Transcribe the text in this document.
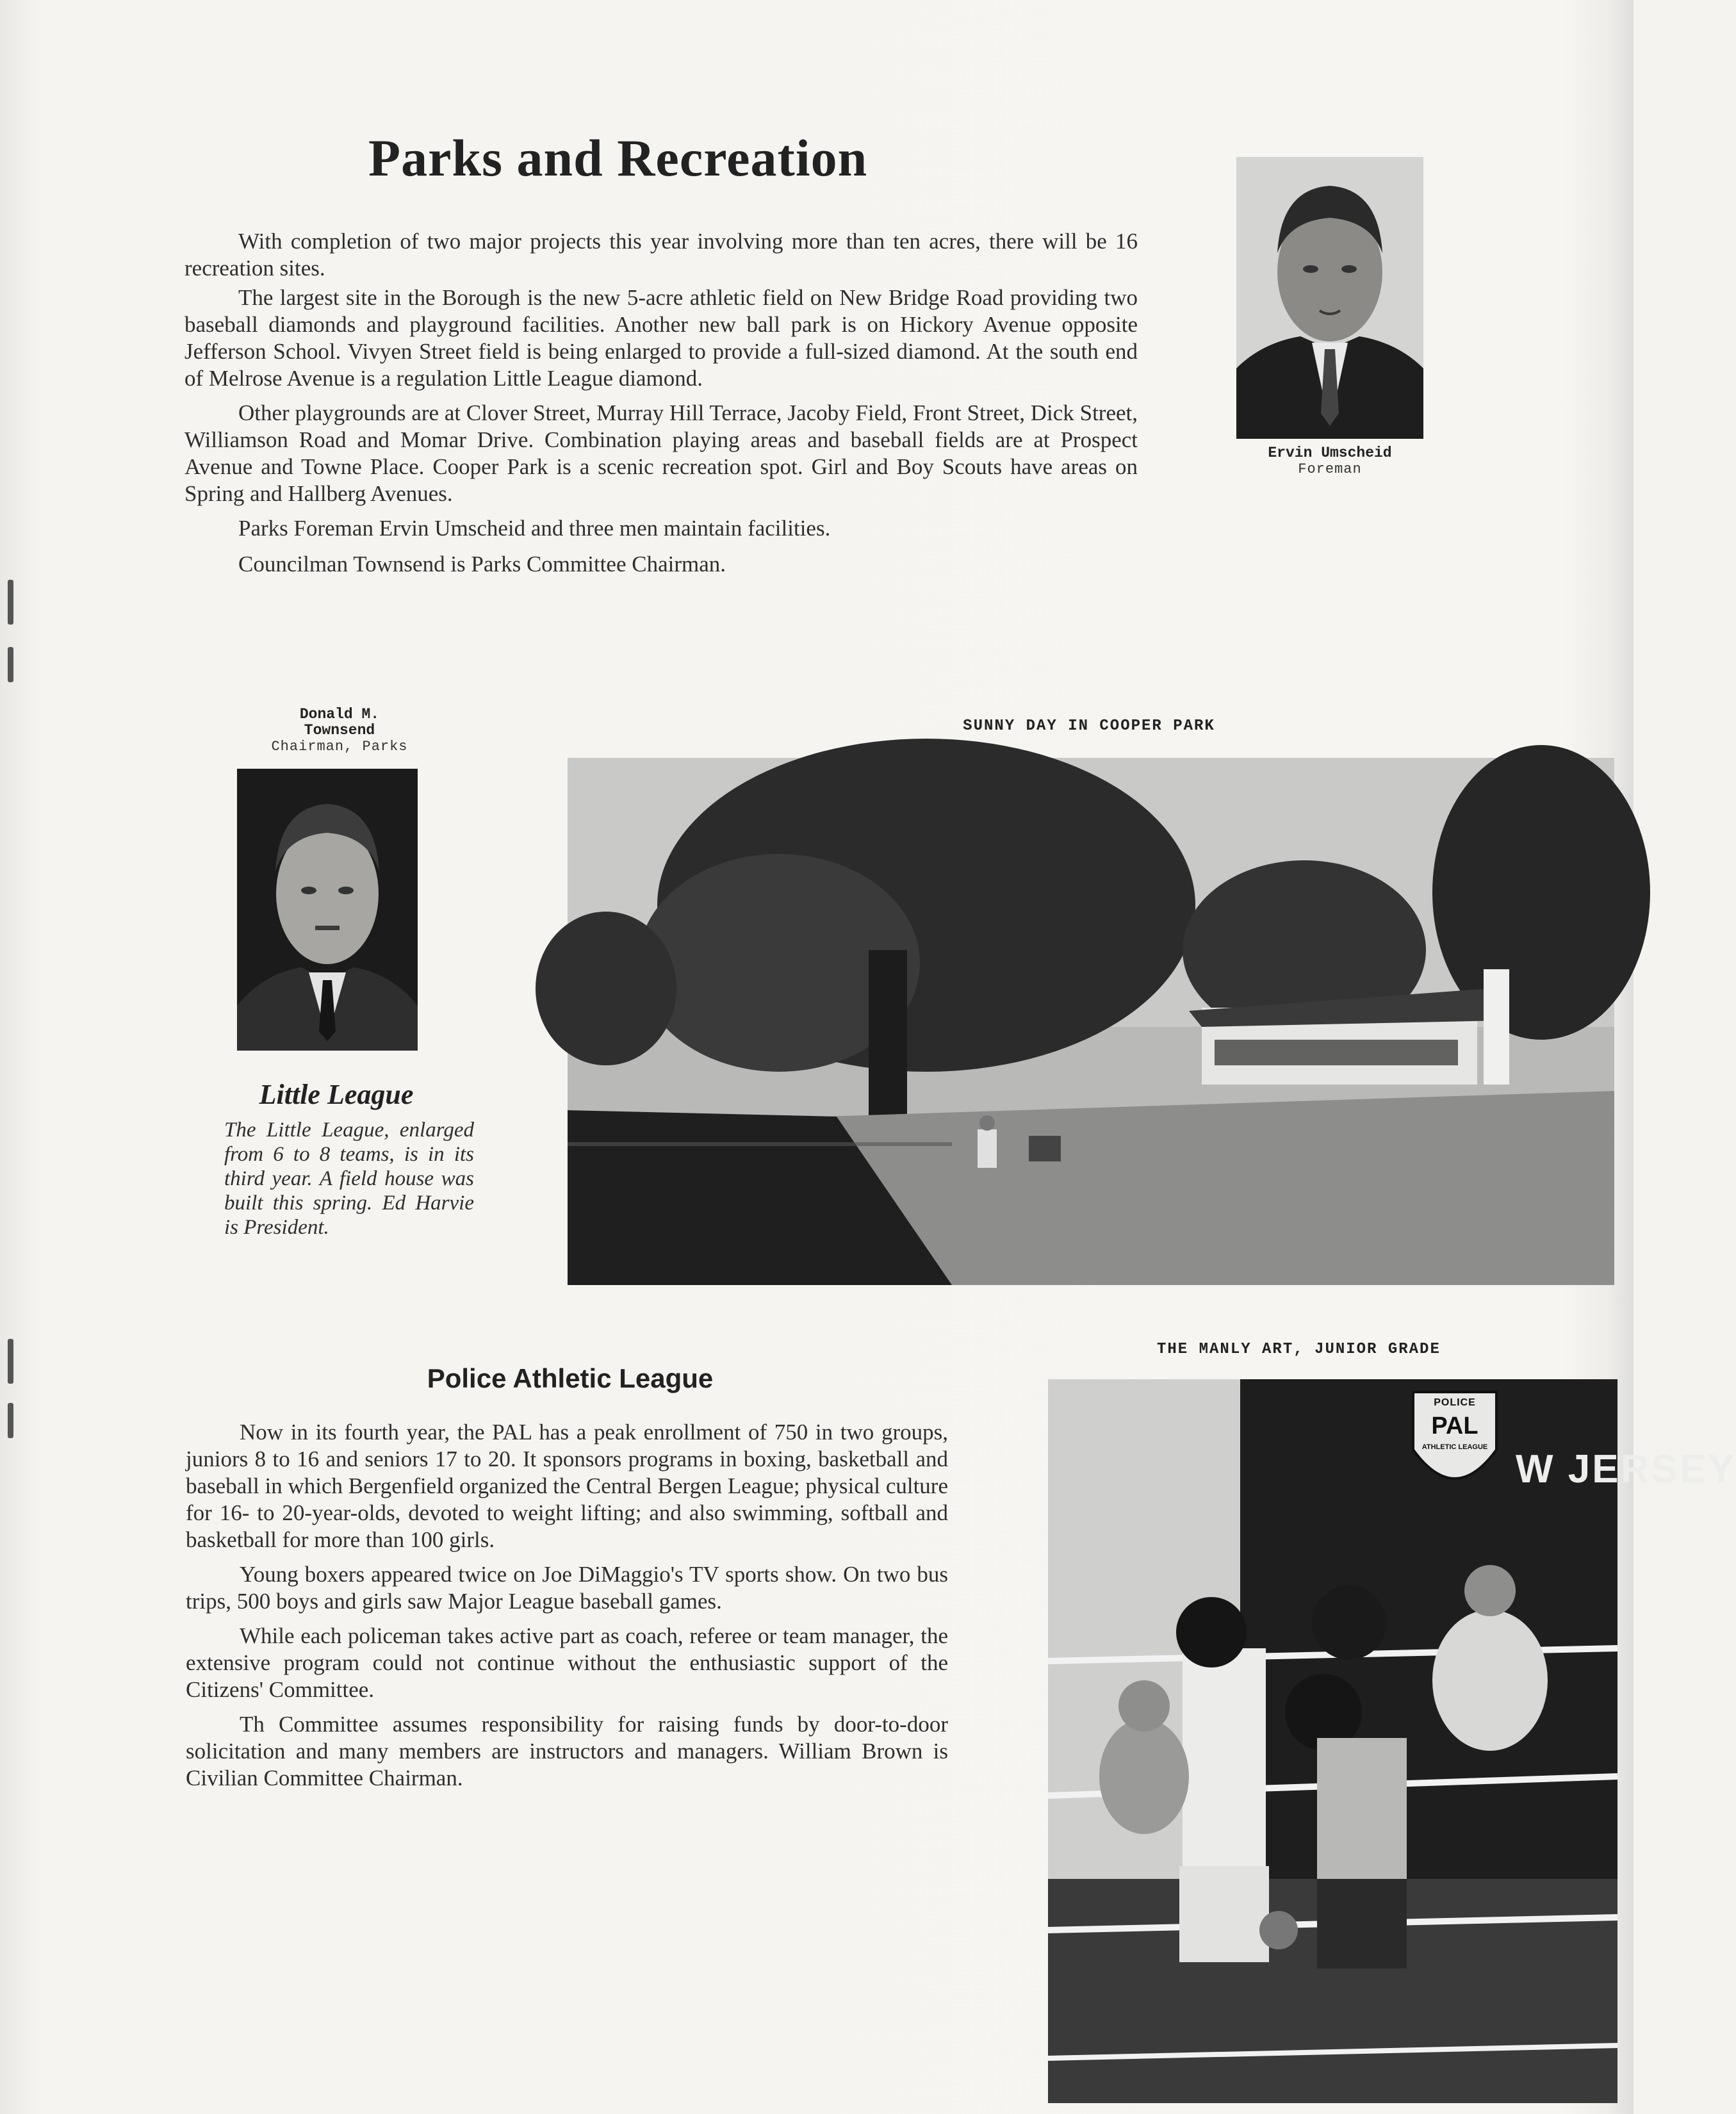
Parks and Recreation

With completion of two major projects this year involving more than ten acres, there will be 16 recreation sites.

The largest site in the Borough is the new 5-acre athletic field on New Bridge Road providing two baseball diamonds and playground facilities. Another new ball park is on Hickory Avenue opposite Jefferson School. Vivyen Street field is being enlarged to provide a full-sized diamond. At the south end of Melrose Avenue is a regulation Little League diamond.

Other playgrounds are at Clover Street, Murray Hill Terrace, Jacoby Field, Front Street, Dick Street, Williamson Road and Momar Drive. Combination playing areas and baseball fields are at Prospect Avenue and Towne Place. Cooper Park is a scenic recreation spot. Girl and Boy Scouts have areas on Spring and Hallberg Avenues.

Parks Foreman Ervin Umscheid and three men maintain facilities.

Councilman Townsend is Parks Committee Chairman.

Ervin Umscheid
Foreman
Donald M.
Townsend
Chairman, Parks
Little League

The Little League, enlarged from 6 to 8 teams, is in its third year. A field house was built this spring. Ed Harvie is President.

SUNNY DAY IN COOPER PARK
Police Athletic League

Now in its fourth year, the PAL has a peak enrollment of 750 in two groups, juniors 8 to 16 and seniors 17 to 20. It sponsors programs in boxing, basketball and baseball in which Bergenfield organized the Central Bergen League; physical culture for 16- to 20-year-olds, devoted to weight lifting; and also swimming, softball and basketball for more than 100 girls.

Young boxers appeared twice on Joe DiMaggio's TV sports show. On two bus trips, 500 boys and girls saw Major League baseball games.

While each policeman takes active part as coach, referee or team manager, the extensive program could not continue without the enthusiastic support of the Citizens' Committee.

Th Committee assumes responsibility for raising funds by door-to-door solicitation and many members are instructors and managers. William Brown is Civilian Committee Chairman.

THE MANLY ART, JUNIOR GRADE
W JERSEY
POLICE
PAL
ATHLETIC LEAGUE
